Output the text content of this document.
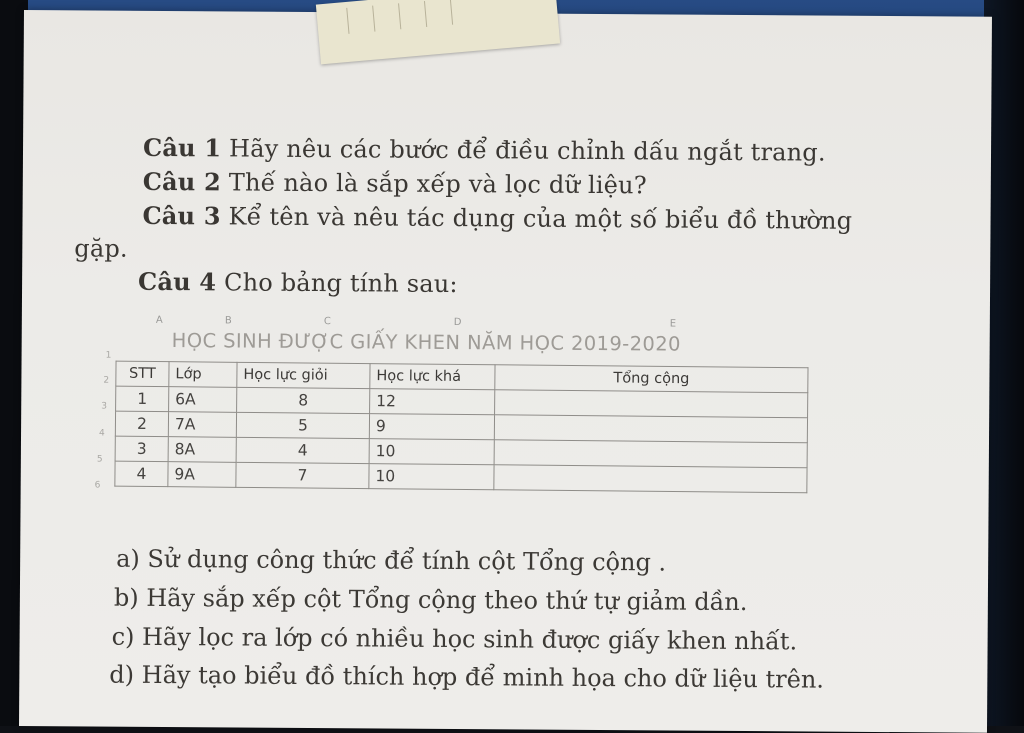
Câu 1 Hãy nêu các bước để điều chỉnh dấu ngắt trang.
Câu 2 Thế nào là sắp xếp và lọc dữ liệu?
Câu 3 Kể tên và nêu tác dụng của một số biểu đồ thường
gặp.
Câu 4 Cho bảng tính sau:
A	B	C	D	E
HỌC SINH ĐƯỢC GIẤY KHEN NĂM HỌC 2019-2020
1
2
3
4
5
6
STT	Lớp	Học lực giỏi	Học lực khá	Tổng cộng
1	6A	8	12	
2	7A	5	9	
3	8A	4	10	
4	9A	7	10	
a) Sử dụng công thức để tính cột Tổng cộng .
b) Hãy sắp xếp cột Tổng cộng theo thứ tự giảm dần.
c) Hãy lọc ra lớp có nhiều học sinh được giấy khen nhất.
d) Hãy tạo biểu đồ thích hợp để minh họa cho dữ liệu trên.
